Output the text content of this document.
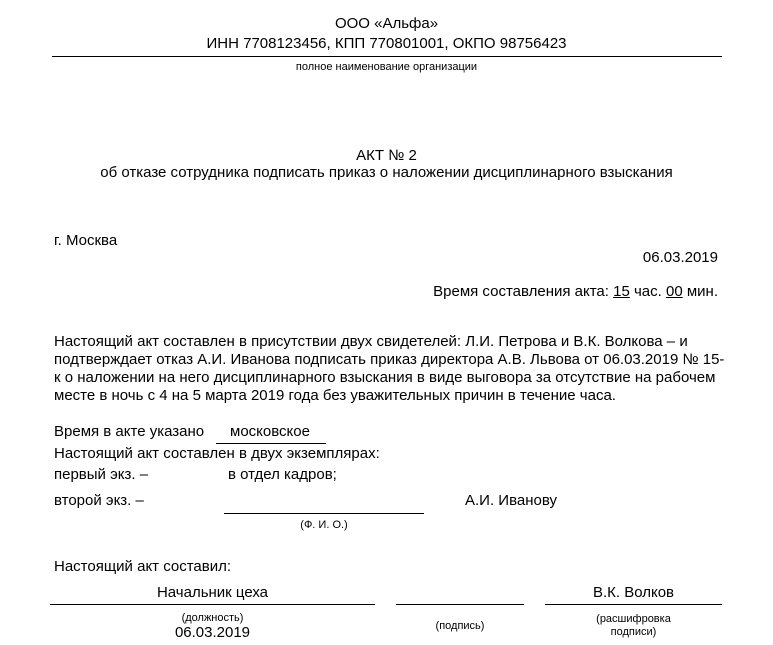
ООО «Альфа»
ИНН 7708123456, КПП 770801001, ОКПО 98756423
полное наименование организации
АКТ № 2
об отказе сотрудника подписать приказ о наложении дисциплинарного взыскания
г. Москва
06.03.2019
Время составления акта: 15 час. 00 мин.
Настоящий акт составлен в присутствии двух свидетелей: Л.И. Петрова и В.К. Волкова – и
подтверждает отказ А.И. Иванова подписать приказ директора А.В. Львова от 06.03.2019 № 15-
к о наложении на него дисциплинарного взыскания в виде выговора за отсутствие на рабочем
месте в ночь с 4 на 5 марта 2019 года без уважительных причин в течение часа.
Время в акте указано московское
Настоящий акт составлен в двух экземплярах:
первый экз. –	в отдел кадров;
второй экз. –	А.И. Иванову
(Ф. И. О.)
Настоящий акт составил:
Начальник цеха
(должность)
06.03.2019	(подпись)
В.К. Волков
(расшифровка
подписи)
